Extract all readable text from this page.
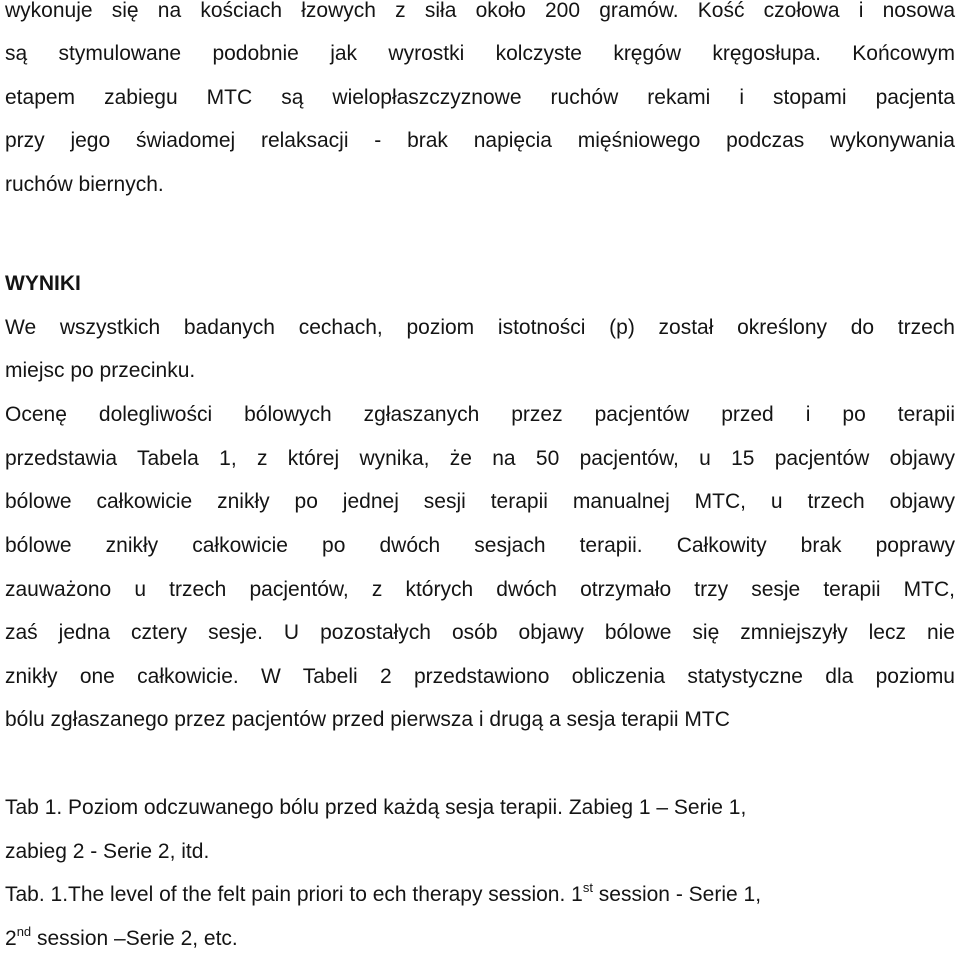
wykonuje się na kościach łzowych z siła około 200 gramów. Kość czołowa i nosowa

są stymulowane podobnie jak wyrostki kolczyste kręgów kręgosłupa. Końcowym

etapem zabiegu MTC są wielopłaszczyznowe ruchów rekami i stopami pacjenta

przy jego świadomej relaksacji - brak napięcia mięśniowego podczas wykonywania

ruchów biernych.

WYNIKI

We wszystkich badanych cechach, poziom istotności (p) został określony do trzech

miejsc po przecinku.

Ocenę dolegliwości bólowych zgłaszanych przez pacjentów przed i po terapii

przedstawia Tabela 1, z której wynika, że na 50 pacjentów, u 15 pacjentów objawy

bólowe całkowicie znikły po jednej sesji terapii manualnej MTC, u trzech objawy

bólowe znikły całkowicie po dwóch sesjach terapii. Całkowity brak poprawy

zauważono u trzech pacjentów, z których dwóch otrzymało trzy sesje terapii MTC,

zaś jedna cztery sesje. U pozostałych osób objawy bólowe się zmniejszyły lecz nie

znikły one całkowicie. W Tabeli 2 przedstawiono obliczenia statystyczne dla poziomu

bólu zgłaszanego przez pacjentów przed pierwsza i drugą a sesja terapii MTC

Tab 1. Poziom odczuwanego bólu przed każdą sesja terapii. Zabieg 1 – Serie 1,

zabieg 2 - Serie 2, itd.

Tab. 1.The level of the felt pain priori to ech therapy session. 1st session - Serie 1,

2nd session –Serie 2, etc.
